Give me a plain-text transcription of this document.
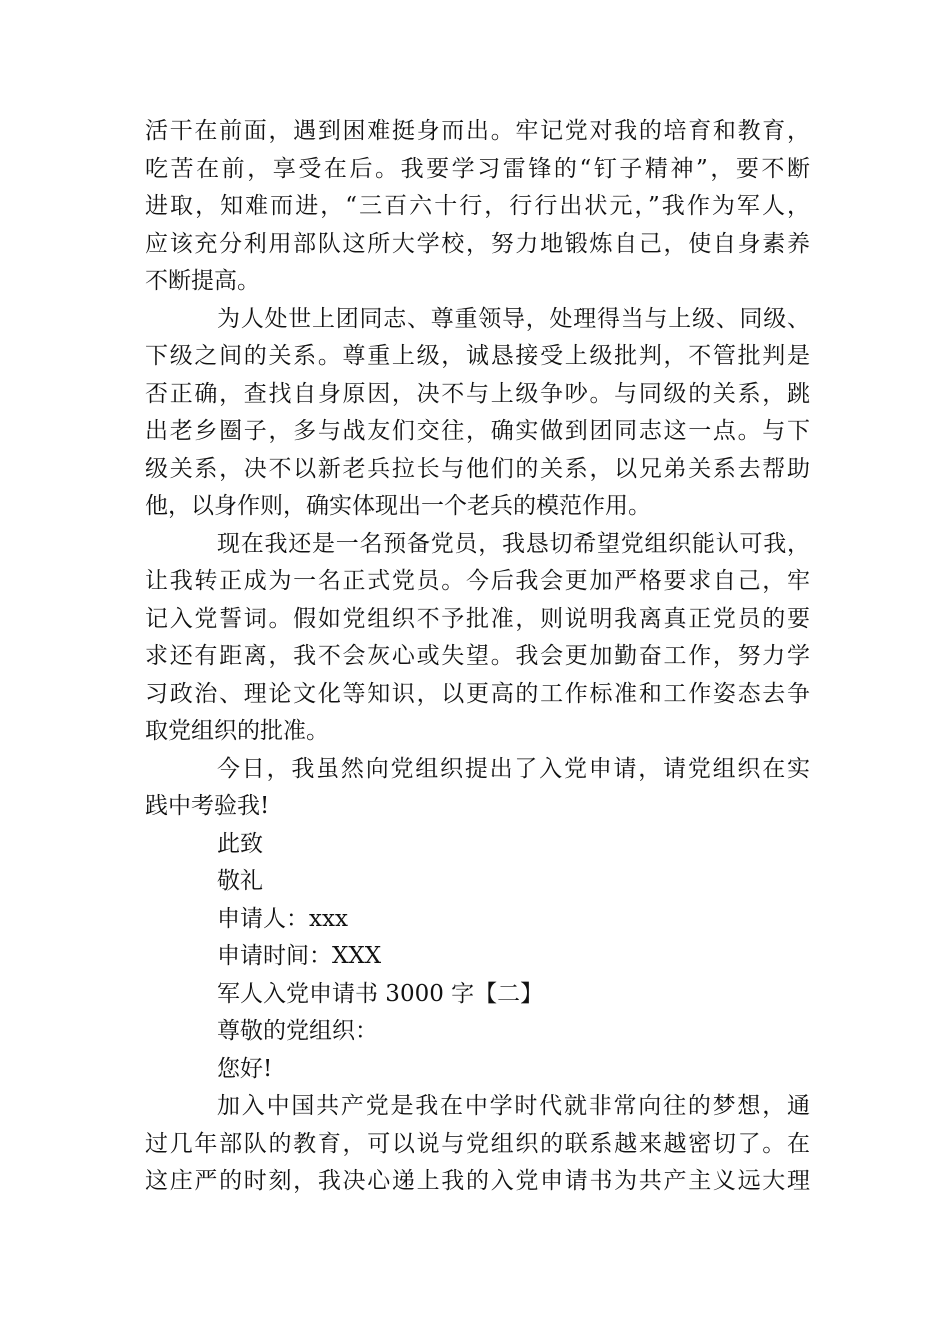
活干在前面，遇到困难挺身而出。牢记党对我的培育和教育，
吃苦在前，享受在后。我要学习雷锋的“钉子精神”，要不断
进取，知难而进，“三百六十行，行行出状元，”我作为军人，
应该充分利用部队这所大学校，努力地锻炼自己，使自身素养
不断提高。
为人处世上团同志、尊重领导，处理得当与上级、同级、
下级之间的关系。尊重上级，诚恳接受上级批判，不管批判是
否正确，查找自身原因，决不与上级争吵。与同级的关系，跳
出老乡圈子，多与战友们交往，确实做到团同志这一点。与下
级关系，决不以新老兵拉长与他们的关系，以兄弟关系去帮助
他，以身作则，确实体现出一个老兵的模范作用。
现在我还是一名预备党员，我恳切希望党组织能认可我，
让我转正成为一名正式党员。今后我会更加严格要求自己，牢
记入党誓词。假如党组织不予批准，则说明我离真正党员的要
求还有距离，我不会灰心或失望。我会更加勤奋工作，努力学
习政治、理论文化等知识，以更高的工作标准和工作姿态去争
取党组织的批准。
今日，我虽然向党组织提出了入党申请，请党组织在实
践中考验我!
此致
敬礼
申请人：xxx
申请时间：XXX
军人入党申请书 3000 字【二】
尊敬的党组织：
您好!
加入中国共产党是我在中学时代就非常向往的梦想，通
过几年部队的教育，可以说与党组织的联系越来越密切了。在
这庄严的时刻，我决心递上我的入党申请书为共产主义远大理
